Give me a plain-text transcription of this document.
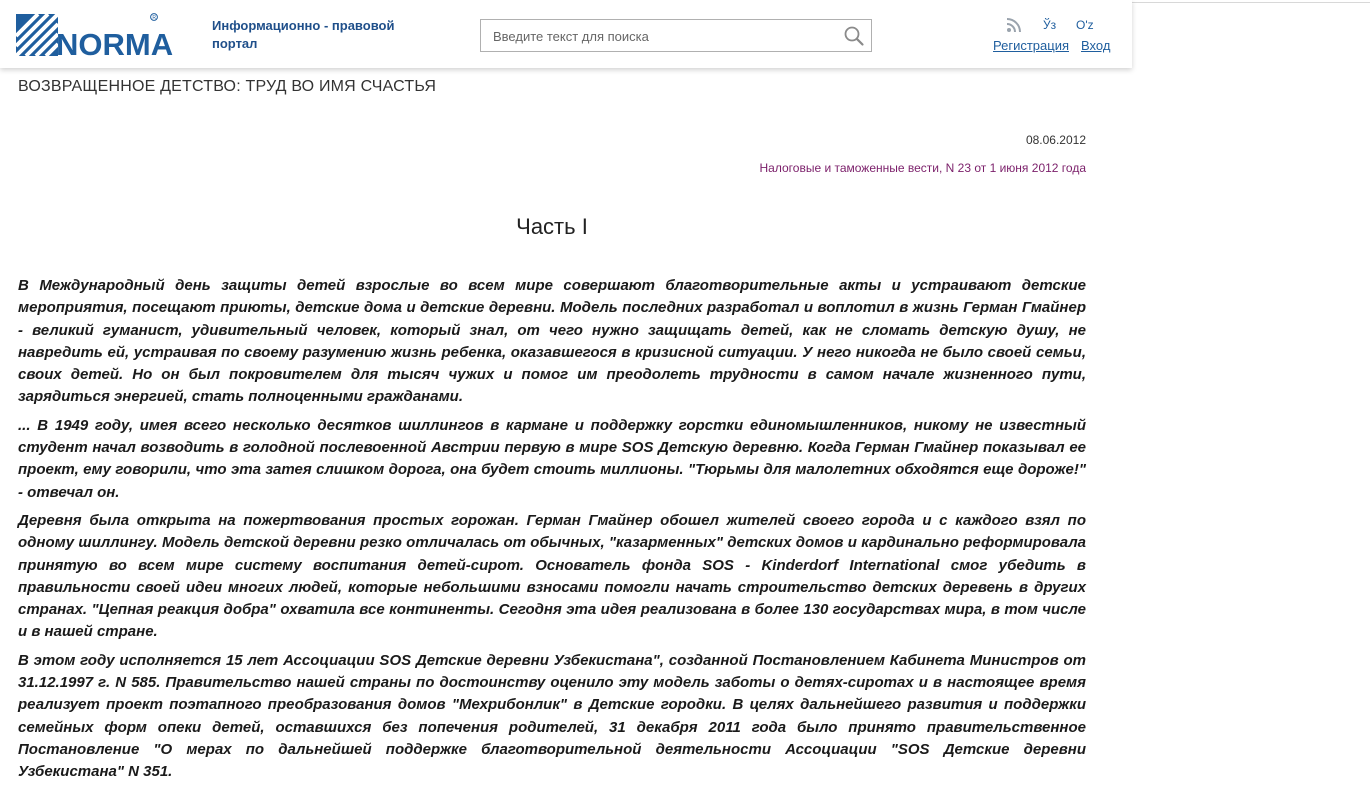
NORMA
R	Информационно - правовой портал
Введите текст для поиска
Ўз O'z
Регистрация Вход
ВОЗВРАЩЕННОЕ ДЕТСТВО: ТРУД ВО ИМЯ СЧАСТЬЯ
08.06.2012
Налоговые и таможенные вести, N 23 от 1 июня 2012 года
Часть I

В Международный день защиты детей взрослые во всем мире совершают благотворительные акты и устраивают детские мероприятия, посещают приюты, детские дома и детские деревни. Модель последних разработал и воплотил в жизнь Герман Гмайнер - великий гуманист, удивительный человек, который знал, от чего нужно защищать детей, как не сломать детскую душу, не навредить ей, устраивая по своему разумению жизнь ребенка, оказавшегося в кризисной ситуации. У него никогда не было своей семьи, своих детей. Но он был покровителем для тысяч чужих и помог им преодолеть трудности в самом начале жизненного пути, зарядиться энергией, стать полноценными гражданами.

... В 1949 году, имея всего несколько десятков шиллингов в кармане и поддержку горстки единомышленников, никому не известный студент начал возводить в голодной послевоенной Австрии первую в мире SOS Детскую деревню. Когда Герман Гмайнер показывал ее проект, ему говорили, что эта затея слишком дорога, она будет стоить миллионы. "Тюрьмы для малолетних обходятся еще дороже!" - отвечал он.

Деревня была открыта на пожертвования простых горожан. Герман Гмайнер обошел жителей своего города и с каждого взял по одному шиллингу. Модель детской деревни резко отличалась от обычных, "казарменных" детских домов и кардинально реформировала принятую во всем мире систему воспитания детей-сирот. Основатель фонда SOS - Kinderdorf International смог убедить в правильности своей идеи многих людей, которые небольшими взносами помогли начать строительство детских деревень в других странах. "Цепная реакция добра" охватила все континенты. Сегодня эта идея реализована в более 130 государствах мира, в том числе и в нашей стране.

В этом году исполняется 15 лет Ассоциации SOS Детские деревни Узбекистана", созданной Постановлением Кабинета Министров от 31.12.1997 г. N 585. Правительство нашей страны по достоинству оценило эту модель заботы о детях-сиротах и в настоящее время реализует проект поэтапного преобразования домов "Мехрибонлик" в Детские городки. В целях дальнейшего развития и поддержки семейных форм опеки детей, оставшихся без попечения родителей, 31 декабря 2011 года было принято правительственное Постановление "О мерах по дальнейшей поддержке благотворительной деятельности Ассоциации "SOS Детские деревни Узбекистана" N 351.
